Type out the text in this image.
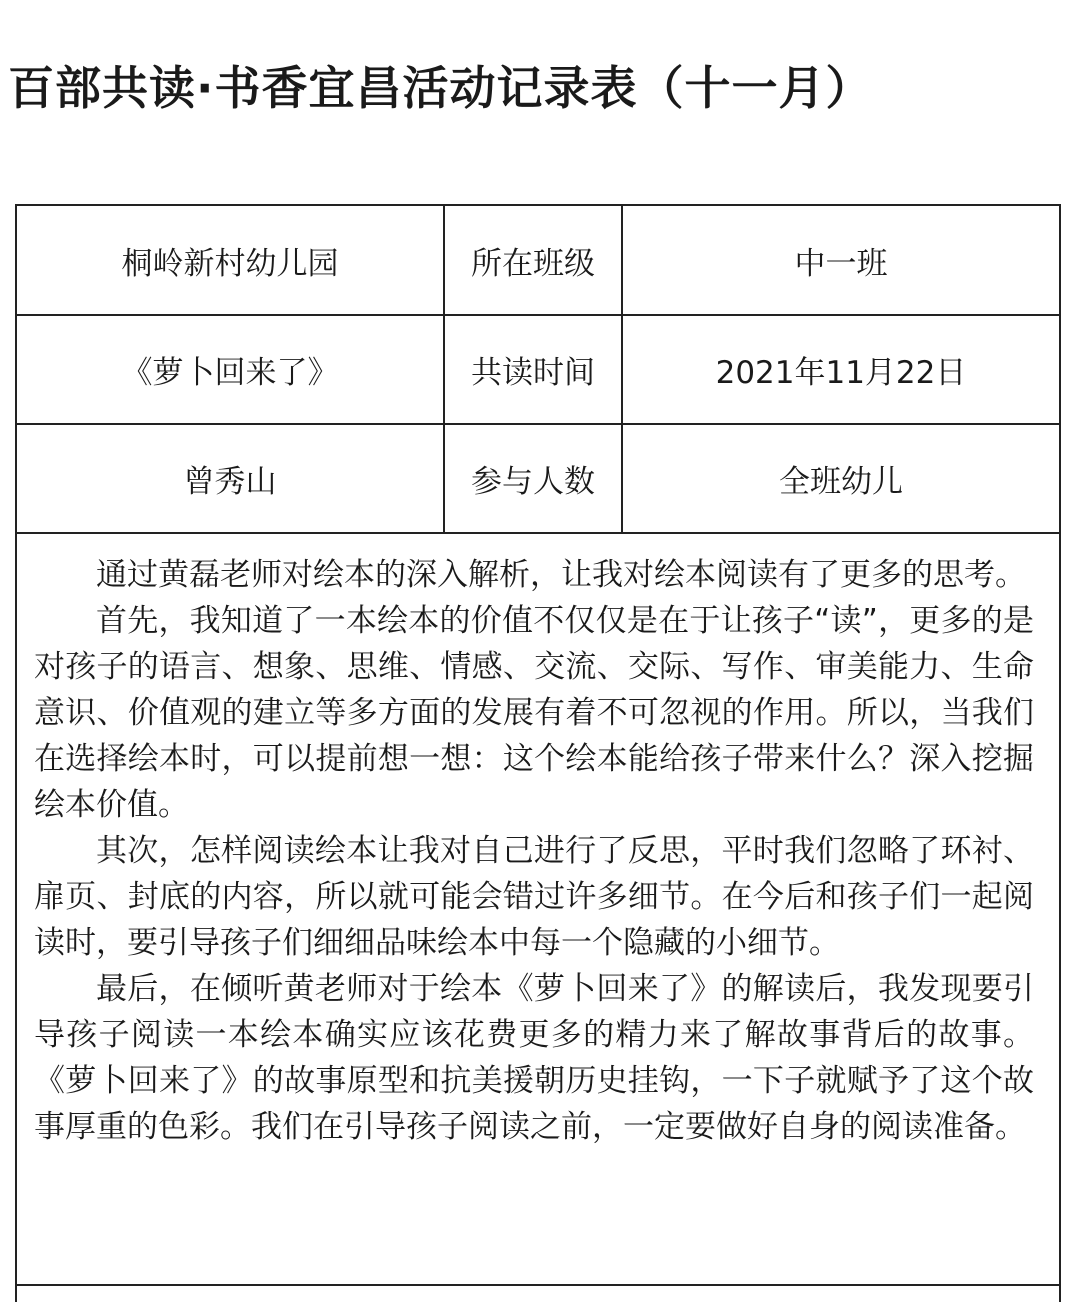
百部共读·书香宜昌活动记录表（十一月）
桐岭新村幼儿园	所在班级	中一班
《萝卜回来了》	共读时间	2021年11月22日
曾秀山	参与人数	全班幼儿

通过黄磊老师对绘本的深入解析，让我对绘本阅读有了更多的思考。

首先，我知道了一本绘本的价值不仅仅是在于让孩子“读”，更多的是对孩子的语言、想象、思维、情感、交流、交际、写作、审美能力、生命意识、价值观的建立等多方面的发展有着不可忽视的作用。所以，当我们在选择绘本时，可以提前想一想：这个绘本能给孩子带来什么？深入挖掘绘本价值。

其次，怎样阅读绘本让我对自己进行了反思，平时我们忽略了环衬、扉页、封底的内容，所以就可能会错过许多细节。在今后和孩子们一起阅读时，要引导孩子们细细品味绘本中每一个隐藏的小细节。

最后，在倾听黄老师对于绘本《萝卜回来了》的解读后，我发现要引导孩子阅读一本绘本确实应该花费更多的精力来了解故事背后的故事。《萝卜回来了》的故事原型和抗美援朝历史挂钩，一下子就赋予了这个故事厚重的色彩。我们在引导孩子阅读之前，一定要做好自身的阅读准备。
